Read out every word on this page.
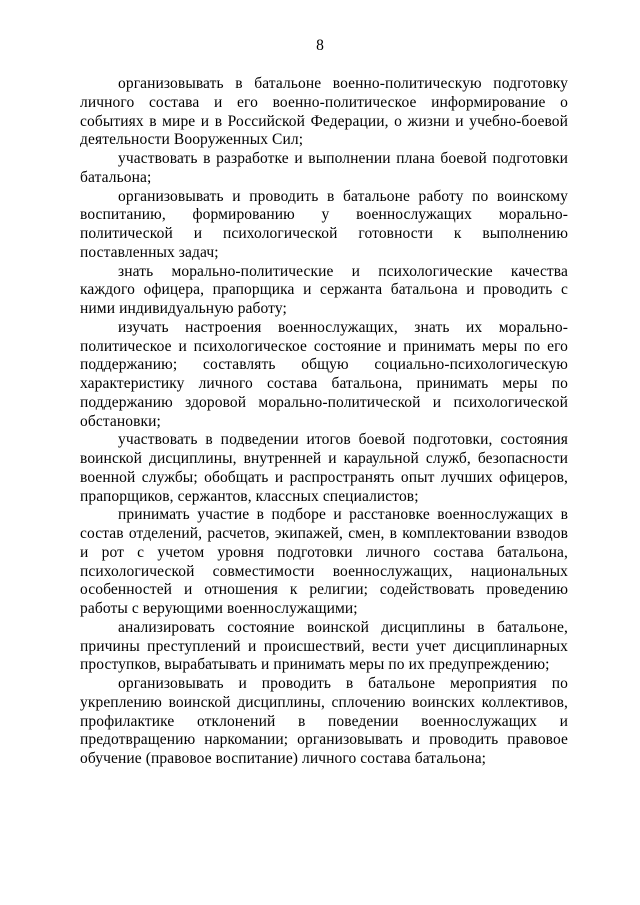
8

организовывать в батальоне военно-политическую подготовку личного состава и его военно-политическое информирование о событиях в мире и в Российской Федерации, о жизни и учебно-боевой деятельности Вооруженных Сил;

участвовать в разработке и выполнении плана боевой подготовки батальона;

организовывать и проводить в батальоне работу по воинскому воспитанию, формированию у военнослужащих морально-политической и психологической готовности к выполнению поставленных задач;

знать морально-политические и психологические качества каждого офицера, прапорщика и сержанта батальона и проводить с ними индивидуальную работу;

изучать настроения военнослужащих, знать их морально-политическое и психологическое состояние и принимать меры по его поддержанию; составлять общую социально-психологическую характеристику личного состава батальона, принимать меры по поддержанию здоровой морально-политической и психологической обстановки;

участвовать в подведении итогов боевой подготовки, состояния воинской дисциплины, внутренней и караульной служб, безопасности военной службы; обобщать и распространять опыт лучших офицеров, прапорщиков, сержантов, классных специалистов;

принимать участие в подборе и расстановке военнослужащих в состав отделений, расчетов, экипажей, смен, в комплектовании взводов и рот с учетом уровня подготовки личного состава батальона, психологической совместимости военнослужащих, национальных особенностей и отношения к религии; содействовать проведению работы с верующими военнослужащими;

анализировать состояние воинской дисциплины в батальоне, причины преступлений и происшествий, вести учет дисциплинарных проступков, вырабатывать и принимать меры по их предупреждению;

организовывать и проводить в батальоне мероприятия по укреплению воинской дисциплины, сплочению воинских коллективов, профилактике отклонений в поведении военнослужащих и предотвращению наркомании; организовывать и проводить правовое обучение (правовое воспитание) личного состава батальона;
